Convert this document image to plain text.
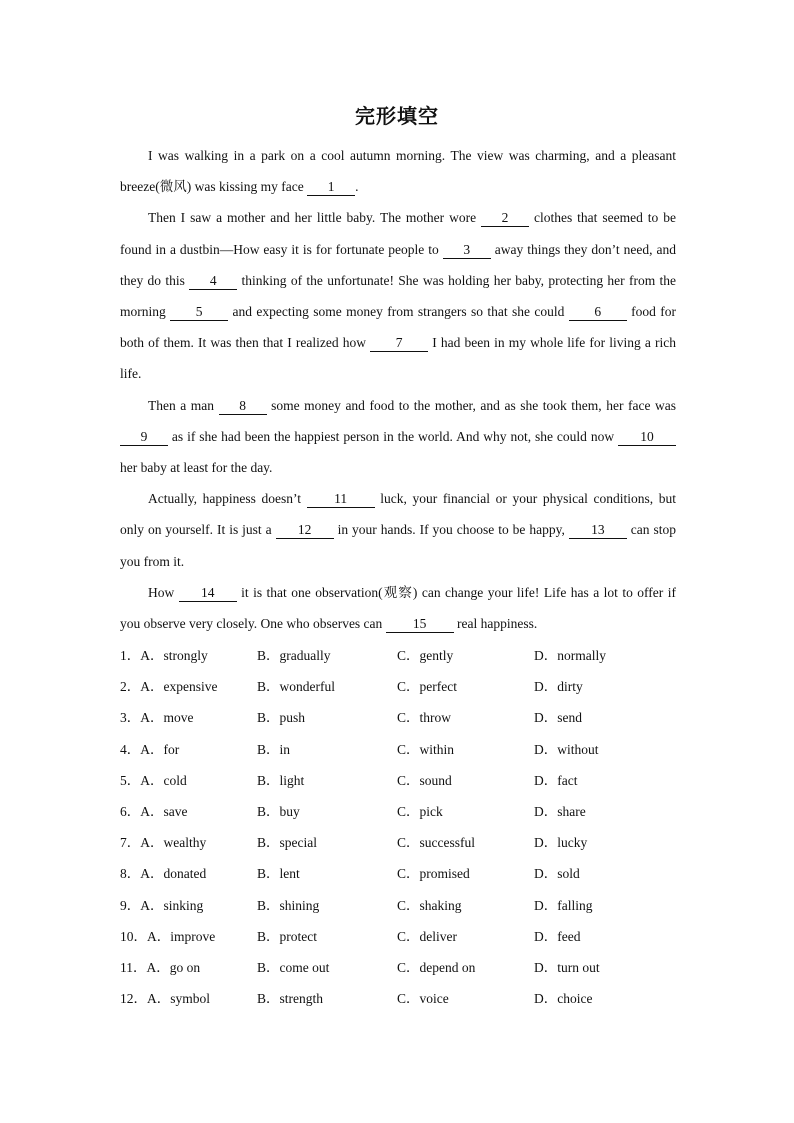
完形填空
I was walking in a park on a cool autumn morning. The view was charming, and a pleasant breeze(微风) was kissing my face 1 .
Then I saw a mother and her little baby. The mother wore 2 clothes that seemed to be found in a dustbin—How easy it is for fortunate people to 3 away things they don’t need, and they do this 4 thinking of the unfortunate! She was holding her baby, protecting her from the morning 5 and expecting some money from strangers so that she could 6 food for both of them. It was then that I realized how 7 I had been in my whole life for living a rich life.
Then a man 8 some money and food to the mother, and as she took them, her face was 9 as if she had been the happiest person in the world. And why not, she could now 10 her baby at least for the day.
Actually, happiness doesn’t 11 luck, your financial or your physical conditions, but only on yourself. It is just a 12 in your hands. If you choose to be happy, 13 can stop you from it.
How 14 it is that one observation(观察) can change your life! Life has a lot to offer if you observe very closely. One who observes can 15 real happiness.
1．A．strongly	B．gradually	C．gently	D．normally
2．A．expensive	B．wonderful	C．perfect	D．dirty
3．A．move	B．push	C．throw	D．send
4．A．for	B．in	C．within	D．without
5．A．cold	B．light	C．sound	D．fact
6．A．save	B．buy	C．pick	D．share
7．A．wealthy	B．special	C．successful	D．lucky
8．A．donated	B．lent	C．promised	D．sold
9．A．sinking	B．shining	C．shaking	D．falling
10．A．improve	B．protect	C．deliver	D．feed
11．A．go on	B．come out	C．depend on	D．turn out
12．A．symbol	B．strength	C．voice	D．choice
